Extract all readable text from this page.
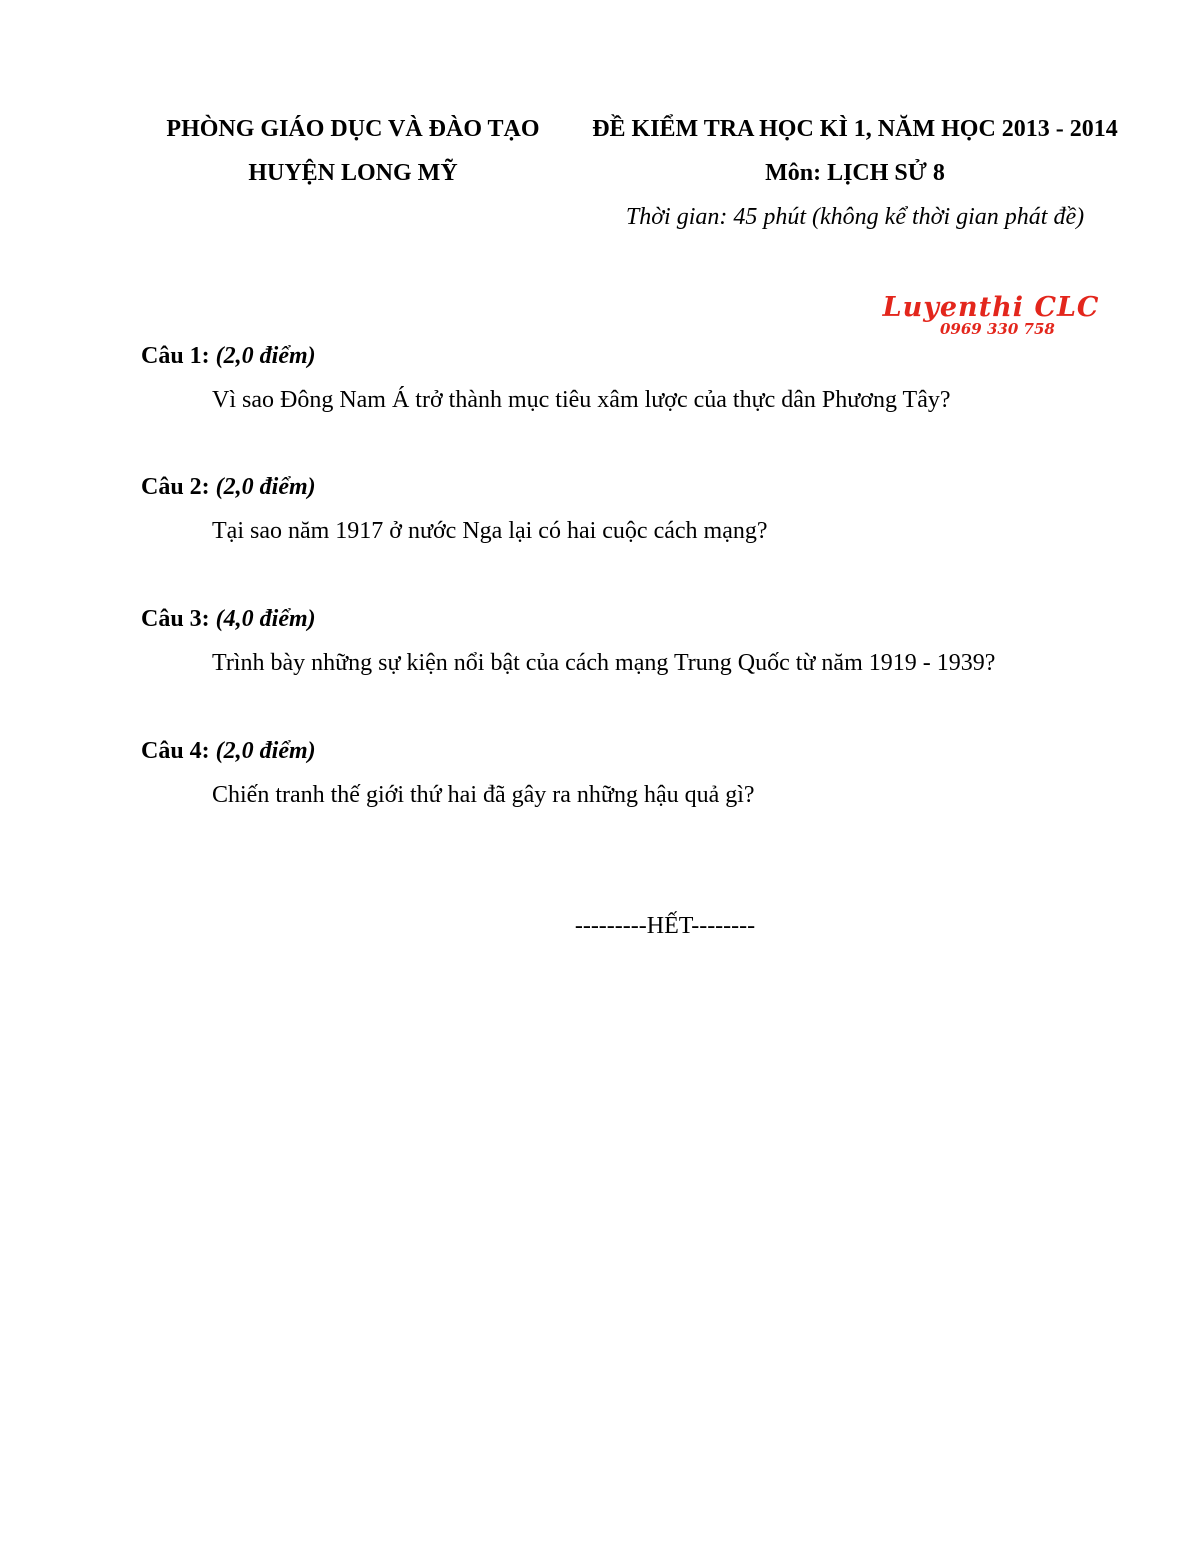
PHÒNG GIÁO DỤC VÀ ĐÀO TẠO
HUYỆN LONG MỸ
ĐỀ KIỂM TRA HỌC KÌ 1, NĂM HỌC 2013 - 2014
Môn: LỊCH SỬ 8
Thời gian: 45 phút (không kể thời gian phát đề)
Luyenthi CLC
0969 330 758
Câu 1: (2,0 điểm)
Vì sao Đông Nam Á trở thành mục tiêu xâm lược của thực dân Phương Tây?
Câu 2: (2,0 điểm)
Tại sao năm 1917 ở nước Nga lại có hai cuộc cách mạng?
Câu 3: (4,0 điểm)
Trình bày những sự kiện nổi bật của cách mạng Trung Quốc từ năm 1919 - 1939?
Câu 4: (2,0 điểm)
Chiến tranh thế giới thứ hai đã gây ra những hậu quả gì?
---------HẾT--------
